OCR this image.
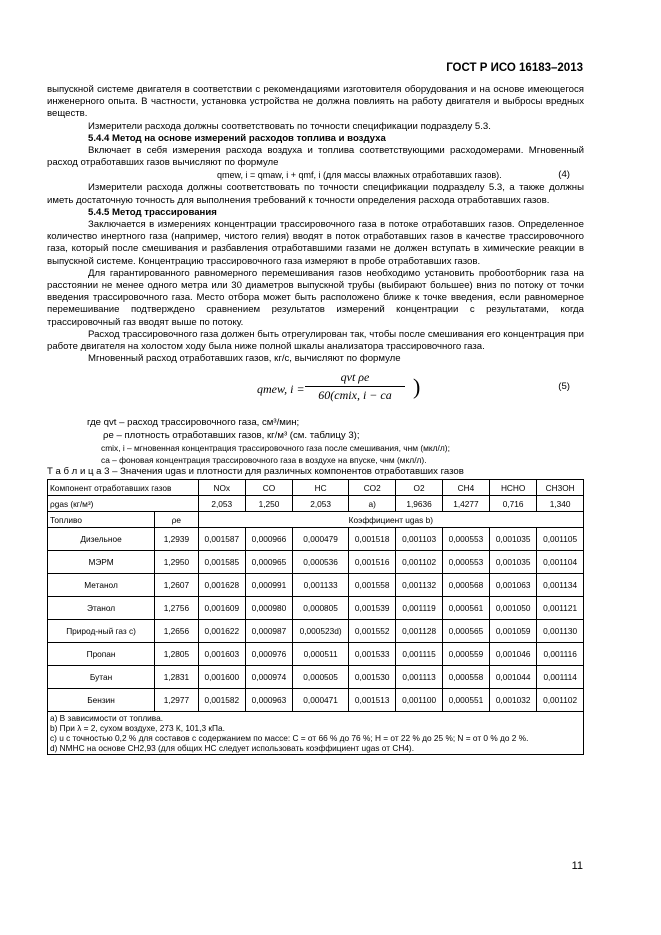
ГОСТ Р ИСО 16183–2013

выпускной системе двигателя в соответствии с рекомендациями изготовителя оборудования и на основе имеющегося инженерного опыта. В частности, установка устройства не должна повлиять на работу двигателя и выбросы вредных веществ.

Измерители расхода должны соответствовать по точности спецификации подразделу 5.3.

5.4.4 Метод на основе измерений расходов топлива и воздуха

Включает в себя измерения расхода воздуха и топлива соответствующими расходомерами. Мгновенный расход отработавших газов вычисляют по формуле

qmew, i = qmaw, i + qmf, i (для массы влажных отработавших газов).	(4)

Измерители расхода должны соответствовать по точности спецификации подразделу 5.3, а также должны иметь достаточную точность для выполнения требований к точности определения расхода отработавших газов.

5.4.5 Метод трассирования

Заключается в измерениях концентрации трассировочного газа в потоке отработавших газов. Определенное количество инертного газа (например, чистого гелия) вводят в поток отработавших газов в качестве трассировочного газа, который после смешивания и разбавления отработавшими газами не должен вступать в химические реакции в выпускной системе. Концентрацию трассировочного газа измеряют в пробе отработавших газов.

Для гарантированного равномерного перемешивания газов необходимо установить пробоотборник газа на расстоянии не менее одного метра или 30 диаметров выпускной трубы (выбирают большее) вниз по потоку от точки введения трассировочного газа. Место отбора может быть расположено ближе к точке введения, если равномерное перемешивание подтверждено сравнением результатов измерений концентрации с результатами, когда трассировочный газ вводят выше по потоку.

Расход трассировочного газа должен быть отрегулирован так, чтобы после смешивания его концентрация при работе двигателя на холостом ходу была ниже полной шкалы анализатора трассировочного газа.

Мгновенный расход отработавших газов, кг/с, вычисляют по формуле

qmew, i =
qvt ρe
60(cmix, i − ca )	(5)

где qvt – расход трассировочного газа, см³/мин;

ρe – плотность отработавших газов, кг/м³ (см. таблицу 3);

cmix, i – мгновенная концентрация трассировочного газа после смешивания, чнм (мкл/л);

ca – фоновая концентрация трассировочного газа в воздухе на впуске, чнм (мкл/л).

Т а б л и ц а 3 – Значения ugas и плотности для различных компонентов отработавших газов

Компонент отработавших газов		NOx	CO	HC	CO2	O2	CH4	HCHO	CH3OH
ρgas (кг/м³)		2,053	1,250	2,053	a)	1,9636	1,4277	0,716	1,340
Топливо	ρe	Коэффициент ugas b)							
Дизельное	1,2939	0,001587	0,000966	0,000479	0,001518	0,001103	0,000553	0,001035	0,001105
МЭРМ	1,2950	0,001585	0,000965	0,000536	0,001516	0,001102	0,000553	0,001035	0,001104
Метанол	1,2607	0,001628	0,000991	0,001133	0,001558	0,001132	0,000568	0,001063	0,001134
Этанол	1,2756	0,001609	0,000980	0,000805	0,001539	0,001119	0,000561	0,001050	0,001121
Природ-ный газ c)	1,2656	0,001622	0,000987	0,000523d)	0,001552	0,001128	0,000565	0,001059	0,001130
Пропан	1,2805	0,001603	0,000976	0,000511	0,001533	0,001115	0,000559	0,001046	0,001116
Бутан	1,2831	0,001600	0,000974	0,000505	0,001530	0,001113	0,000558	0,001044	0,001114
Бензин	1,2977	0,001582	0,000963	0,000471	0,001513	0,001100	0,000551	0,001032	0,001102

a) В зависимости от топлива.
b) При λ = 2, сухом воздухе, 273 К, 101,3 кПа.
c) u с точностью 0,2 % для составов с содержанием по массе: С = от 66 % до 76 %; Н = от 22 % до 25 %; N = от 0 % до 2 %.
d) NMHC на основе CH2,93 (для общих НС следует использовать коэффициент ugas от CH4).									
11
